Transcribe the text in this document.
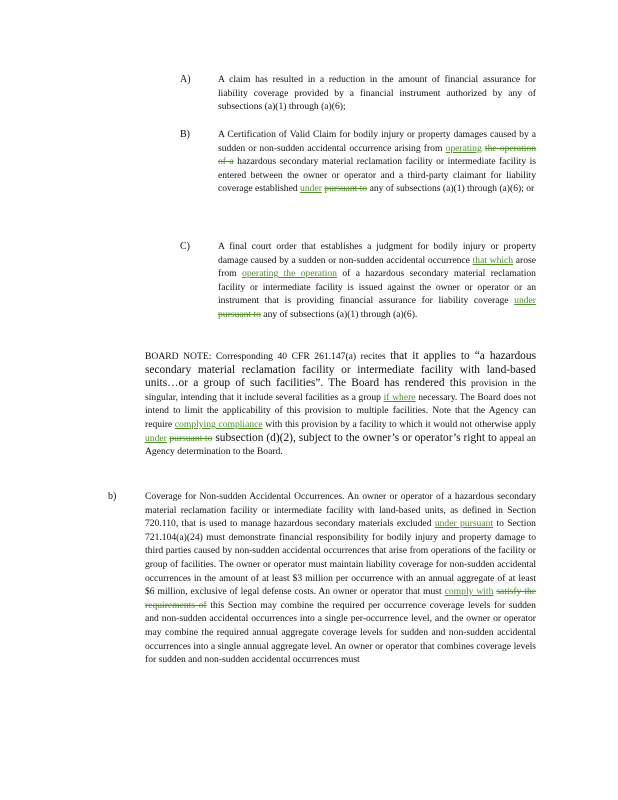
A)	A claim has resulted in a reduction in the amount of financial assurance for liability coverage provided by a financial instrument authorized by any of subsections (a)(1) through (a)(6);
B)	A Certification of Valid Claim for bodily injury or property damages caused by a sudden or non-sudden accidental occurrence arising from operating the operation of a hazardous secondary material reclamation facility or intermediate facility is entered between the owner or operator and a third-party claimant for liability coverage established under pursuant to any of subsections (a)(1) through (a)(6); or
C)	A final court order that establishes a judgment for bodily injury or property damage caused by a sudden or non-sudden accidental occurrence that which arose from operating the operation of a hazardous secondary material reclamation facility or intermediate facility is issued against the owner or operator or an instrument that is providing financial assurance for liability coverage under pursuant to any of subsections (a)(1) through (a)(6).
BOARD NOTE: Corresponding 40 CFR 261.147(a) recites that it applies to “a hazardous secondary material reclamation facility or intermediate facility with land-based units…or a group of such facilities”. The Board has rendered this provision in the singular, intending that it include several facilities as a group if where necessary. The Board does not intend to limit the applicability of this provision to multiple facilities. Note that the Agency can require complying compliance with this provision by a facility to which it would not otherwise apply under pursuant to subsection (d)(2), subject to the owner’s or operator’s right to appeal an Agency determination to the Board.
b)	Coverage for Non-sudden Accidental Occurrences. An owner or operator of a hazardous secondary material reclamation facility or intermediate facility with land-based units, as defined in Section 720.110, that is used to manage hazardous secondary materials excluded under pursuant to Section 721.104(a)(24) must demonstrate financial responsibility for bodily injury and property damage to third parties caused by non-sudden accidental occurrences that arise from operations of the facility or group of facilities. The owner or operator must maintain liability coverage for non-sudden accidental occurrences in the amount of at least $3 million per occurrence with an annual aggregate of at least $6 million, exclusive of legal defense costs. An owner or operator that must comply with satisfy the requirements of this Section may combine the required per occurrence coverage levels for sudden and non-sudden accidental occurrences into a single per-occurrence level, and the owner or operator may combine the required annual aggregate coverage levels for sudden and non-sudden accidental occurrences into a single annual aggregate level. An owner or operator that combines coverage levels for sudden and non-sudden accidental occurrences must
